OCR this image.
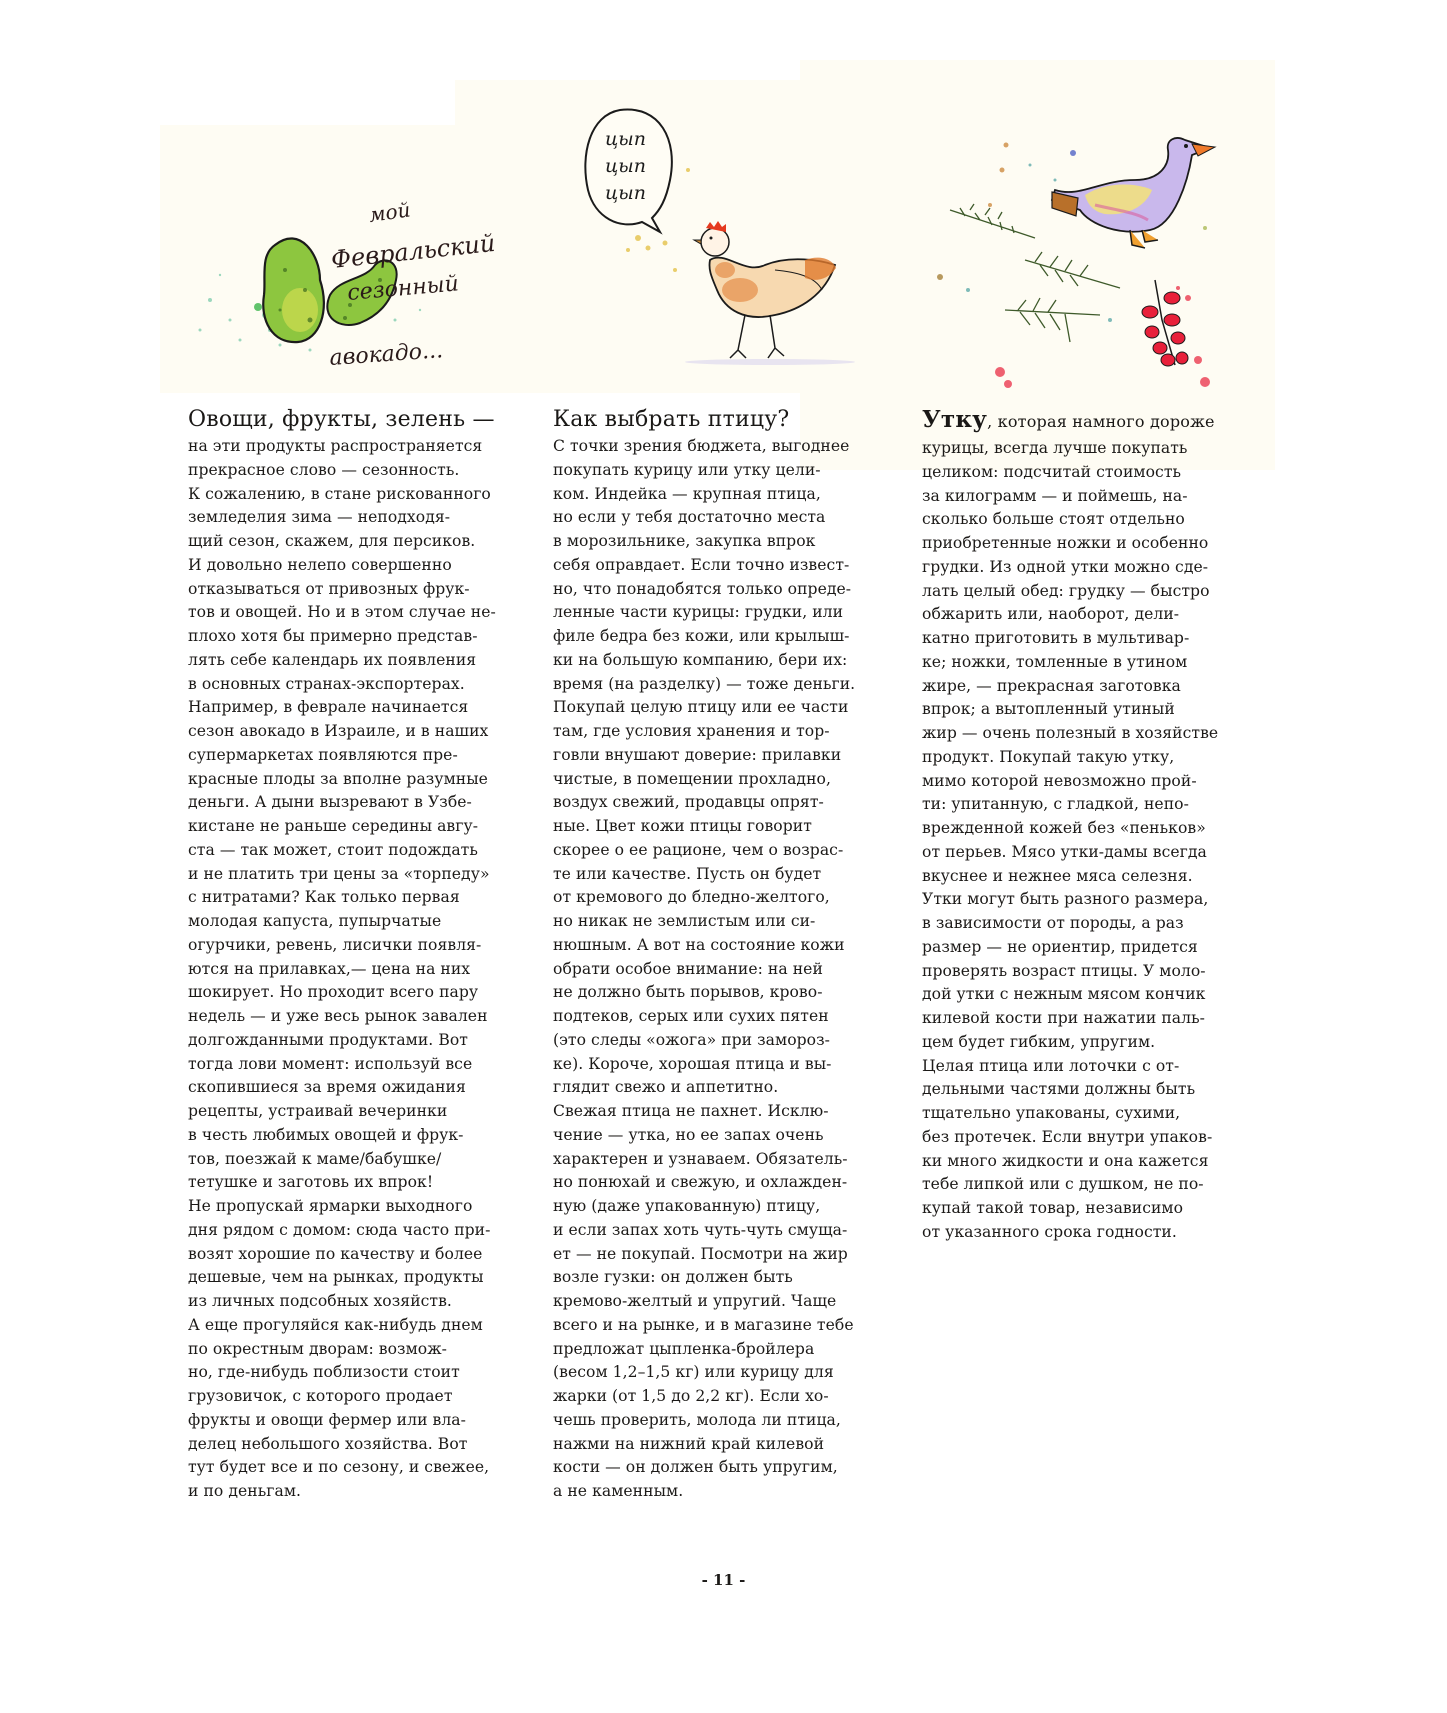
мой
Февральский
сезонный
авокадо...
цып
цып
цып
Овощи, фрукты, зелень —
на эти продукты распространяется
прекрасное слово — сезонность.
К сожалению, в стане рискованного
земледелия зима — неподходя-
щий сезон, скажем, для персиков.
И довольно нелепо совершенно
отказываться от привозных фрук-
тов и овощей. Но и в этом случае не-
плохо хотя бы примерно представ-
лять себе календарь их появления
в основных странах-экспортерах.
Например, в феврале начинается
сезон авокадо в Израиле, и в наших
супермаркетах появляются пре-
красные плоды за вполне разумные
деньги. А дыни вызревают в Узбе-
кистане не раньше середины авгу-
ста — так может, стоит подождать
и не платить три цены за «торпеду»
с нитратами? Как только первая
молодая капуста, пупырчатые
огурчики, ревень, лисички появля-
ются на прилавках,— цена на них
шокирует. Но проходит всего пару
недель — и уже весь рынок завален
долгожданными продуктами. Вот
тогда лови момент: используй все
скопившиеся за время ожидания
рецепты, устраивай вечеринки
в честь любимых овощей и фрук-
тов, поезжай к маме/бабушке/
тетушке и заготовь их впрок!
Не пропускай ярмарки выходного
дня рядом с домом: сюда часто при-
возят хорошие по качеству и более
дешевые, чем на рынках, продукты
из личных подсобных хозяйств.
А еще прогуляйся как-нибудь днем
по окрестным дворам: возмож-
но, где-нибудь поблизости стоит
грузовичок, с которого продает
фрукты и овощи фермер или вла-
делец небольшого хозяйства. Вот
тут будет все и по сезону, и свежее,
и по деньгам.
Как выбрать птицу?
С точки зрения бюджета, выгоднее
покупать курицу или утку цели-
ком. Индейка — крупная птица,
но если у тебя достаточно места
в морозильнике, закупка впрок
себя оправдает. Если точно извест-
но, что понадобятся только опреде-
ленные части курицы: грудки, или
филе бедра без кожи, или крылыш-
ки на большую компанию, бери их:
время (на разделку) — тоже деньги.
Покупай целую птицу или ее части
там, где условия хранения и тор-
говли внушают доверие: прилавки
чистые, в помещении прохладно,
воздух свежий, продавцы опрят-
ные. Цвет кожи птицы говорит
скорее о ее рационе, чем о возрас-
те или качестве. Пусть он будет
от кремового до бледно-желтого,
но никак не землистым или си-
нюшным. А вот на состояние кожи
обрати особое внимание: на ней
не должно быть порывов, крово-
подтеков, серых или сухих пятен
(это следы «ожога» при замороз-
ке). Короче, хорошая птица и вы-
глядит свежо и аппетитно.
Свежая птица не пахнет. Исклю-
чение — утка, но ее запах очень
характерен и узнаваем. Обязатель-
но понюхай и свежую, и охлажден-
ную (даже упакованную) птицу,
и если запах хоть чуть-чуть смуща-
ет — не покупай. Посмотри на жир
возле гузки: он должен быть
кремово-желтый и упругий. Чаще
всего и на рынке, и в магазине тебе
предложат цыпленка-бройлера
(весом 1,2–1,5 кг) или курицу для
жарки (от 1,5 до 2,2 кг). Если хо-
чешь проверить, молода ли птица,
нажми на нижний край килевой
кости — он должен быть упругим,
а не каменным.
Утку, которая намного дороже
курицы, всегда лучше покупать
целиком: подсчитай стоимость
за килограмм — и поймешь, на-
сколько больше стоят отдельно
приобретенные ножки и особенно
грудки. Из одной утки можно сде-
лать целый обед: грудку — быстро
обжарить или, наоборот, дели-
катно приготовить в мультивар-
ке; ножки, томленные в утином
жире, — прекрасная заготовка
впрок; а вытопленный утиный
жир — очень полезный в хозяйстве
продукт. Покупай такую утку,
мимо которой невозможно прой-
ти: упитанную, с гладкой, непо-
врежденной кожей без «пеньков»
от перьев. Мясо утки-дамы всегда
вкуснее и нежнее мяса селезня.
Утки могут быть разного размера,
в зависимости от породы, а раз
размер — не ориентир, придется
проверять возраст птицы. У моло-
дой утки с нежным мясом кончик
килевой кости при нажатии паль-
цем будет гибким, упругим.
Целая птица или лоточки с от-
дельными частями должны быть
тщательно упакованы, сухими,
без протечек. Если внутри упаков-
ки много жидкости и она кажется
тебе липкой или с душком, не по-
купай такой товар, независимо
от указанного срока годности.
- 11 -
